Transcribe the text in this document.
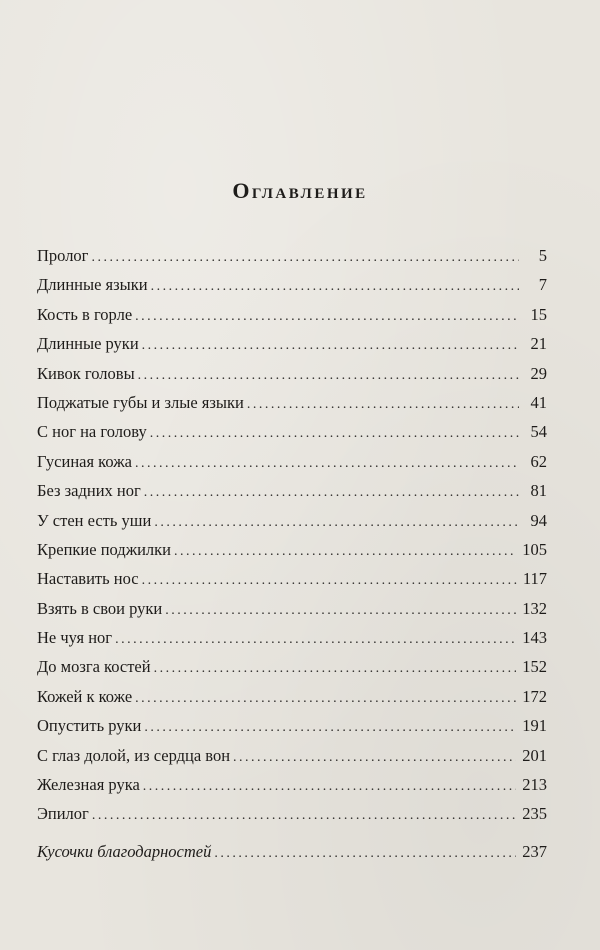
Оглавление
Пролог . . .	5
Длинные языки . . .	7
Кость в горле . . .	15
Длинные руки . . .	21
Кивок головы . . .	29
Поджатые губы и злые языки . . .	41
С ног на голову . . .	54
Гусиная кожа . . .	62
Без задних ног . . .	81
У стен есть уши . . .	94
Крепкие поджилки . . .	105
Наставить нос . . .	117
Взять в свои руки . . .	132
Не чуя ног . . .	143
До мозга костей . . .	152
Кожей к коже . . .	172
Опустить руки . . .	191
С глаз долой, из сердца вон . . .	201
Железная рука . . .	213
Эпилог . . .	235
Кусочки благодарностей . . .	237
